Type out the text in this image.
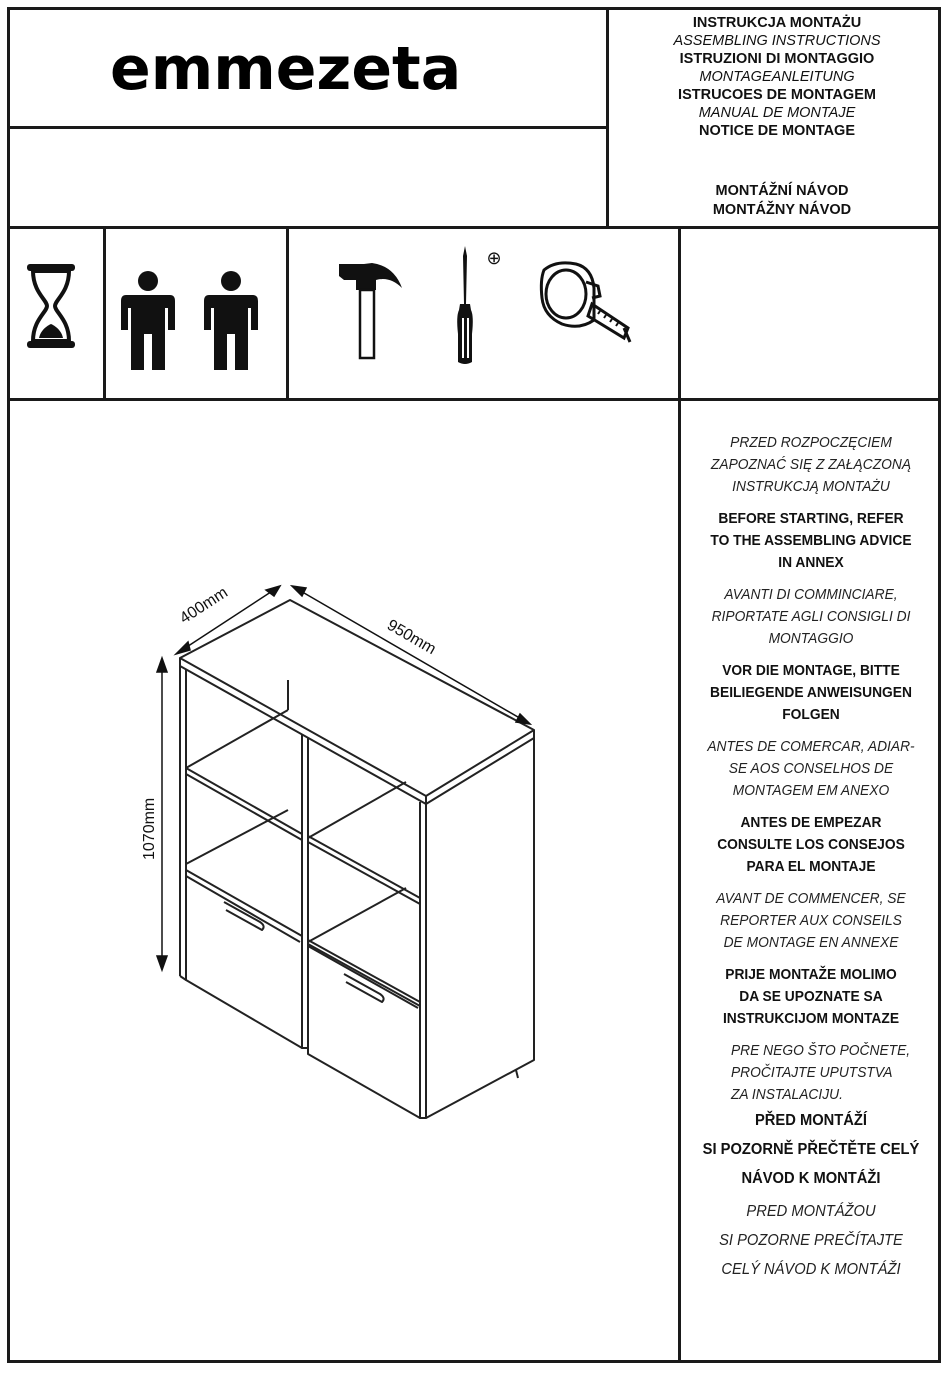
emmezeta
INSTRUKCJA MONTAŻU
ASSEMBLING INSTRUCTIONS
ISTRUZIONI DI MONTAGGIO
MONTAGEANLEITUNG
ISTRUCOES DE MONTAGEM
MANUAL DE MONTAJE
NOTICE DE MONTAGE
MONTÁŽNÍ NÁVOD
MONTÁŽNY NÁVOD
⊕
400mm
950mm
1070mm

PRZED ROZPOCZĘCIEM
ZAPOZNAĆ SIĘ Z ZAŁĄCZONĄ
INSTRUKCJĄ MONTAŻU

BEFORE STARTING, REFER
TO THE ASSEMBLING ADVICE
IN ANNEX

AVANTI DI COMMINCIARE,
RIPORTATE AGLI CONSIGLI DI
MONTAGGIO

VOR DIE MONTAGE, BITTE
BEILIEGENDE ANWEISUNGEN
FOLGEN

ANTES DE COMERCAR, ADIAR-
SE AOS CONSELHOS DE
MONTAGEM EM ANEXO

ANTES DE EMPEZAR
CONSULTE LOS CONSEJOS
PARA EL MONTAJE

AVANT DE COMMENCER, SE
REPORTER AUX CONSEILS
DE MONTAGE EN ANNEXE

PRIJE MONTAŽE MOLIMO
DA SE UPOZNATE SA
INSTRUKCIJOM MONTAZE

PRE NEGO ŠTO POČNETE,
PROČITAJTE UPUTSTVA
ZA INSTALACIJU.

PŘED MONTÁŽÍ
SI POZORNĚ PŘEČTĚTE CELÝ
NÁVOD K MONTÁŽI

PRED MONTÁŽOU
SI POZORNE PREČÍTAJTE
CELÝ NÁVOD K MONTÁŽI
